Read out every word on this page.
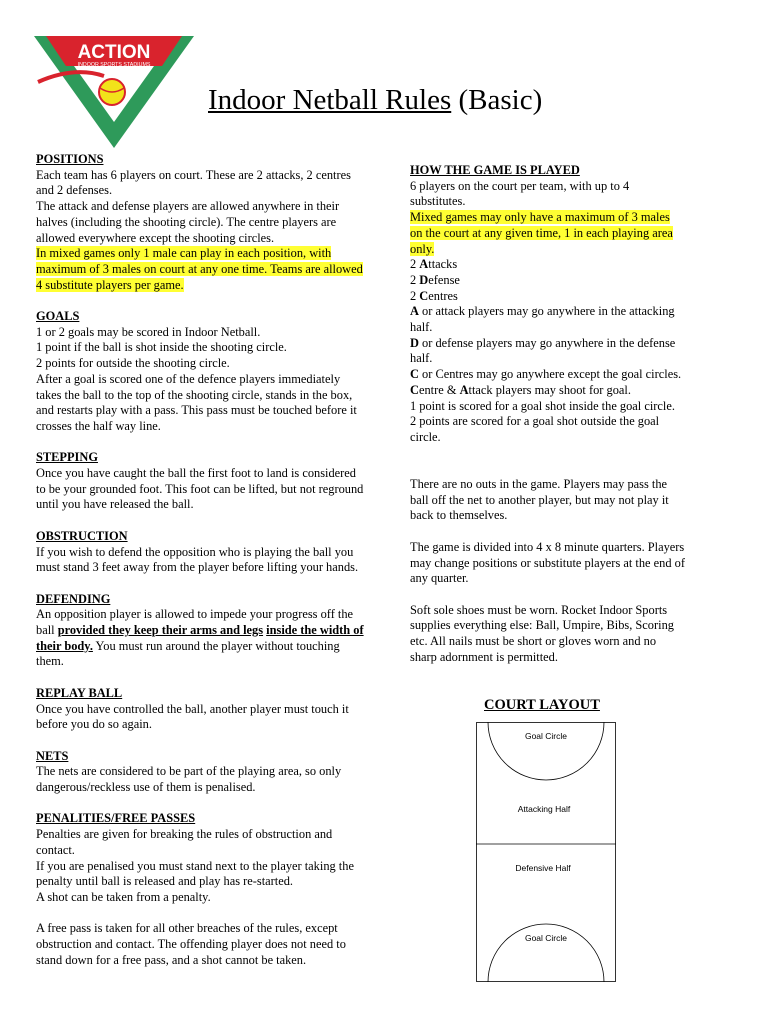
ACTION
INDOOR SPORTS STADIUMS
Indoor Netball Rules (Basic)
POSITIONS
Each team has 6 players on court. These are 2 attacks, 2 centres and 2 defenses.
The attack and defense players are allowed anywhere in their halves (including the shooting circle). The centre players are allowed everywhere except the shooting circles.
In mixed games only 1 male can play in each position, with maximum of 3 males on court at any one time. Teams are allowed 4 substitute players per game.
GOALS
1 or 2 goals may be scored in Indoor Netball.
1 point if the ball is shot inside the shooting circle.
2 points for outside the shooting circle.
After a goal is scored one of the defence players immediately takes the ball to the top of the shooting circle, stands in the box, and restarts play with a pass. This pass must be touched before it crosses the half way line.
STEPPING
Once you have caught the ball the first foot to land is considered to be your grounded foot. This foot can be lifted, but not reground until you have released the ball.
OBSTRUCTION
If you wish to defend the opposition who is playing the ball you must stand 3 feet away from the player before lifting your hands.
DEFENDING
An opposition player is allowed to impede your progress off the ball provided they keep their arms and legs inside the width of their body. You must run around the player without touching them.
REPLAY BALL
Once you have controlled the ball, another player must touch it before you do so again.
NETS
The nets are considered to be part of the playing area, so only dangerous/reckless use of them is penalised.
PENALITIES/FREE PASSES
Penalties are given for breaking the rules of obstruction and contact.
If you are penalised you must stand next to the player taking the penalty until ball is released and play has re-started.
A shot can be taken from a penalty.
A free pass is taken for all other breaches of the rules, except obstruction and contact. The offending player does not need to stand down for a free pass, and a shot cannot be taken.
HOW THE GAME IS PLAYED
6 players on the court per team, with up to 4 substitutes.
Mixed games may only have a maximum of 3 males on the court at any given time, 1 in each playing area only.
2 Attacks
2 Defense
2 Centres
A or attack players may go anywhere in the attacking half.
D or defense players may go anywhere in the defense half.
C or Centres may go anywhere except the goal circles.
Centre & Attack players may shoot for goal.
1 point is scored for a goal shot inside the goal circle.
2 points are scored for a goal shot outside the goal circle.
There are no outs in the game. Players may pass the ball off the net to another player, but may not play it back to themselves.
The game is divided into 4 x 8 minute quarters. Players may change positions or substitute players at the end of any quarter.
Soft sole shoes must be worn. Rocket Indoor Sports supplies everything else: Ball, Umpire, Bibs, Scoring etc. All nails must be short or gloves worn and no sharp adornment is permitted.
COURT LAYOUT
Goal Circle
Attacking Half
Defensive Half
Goal Circle
